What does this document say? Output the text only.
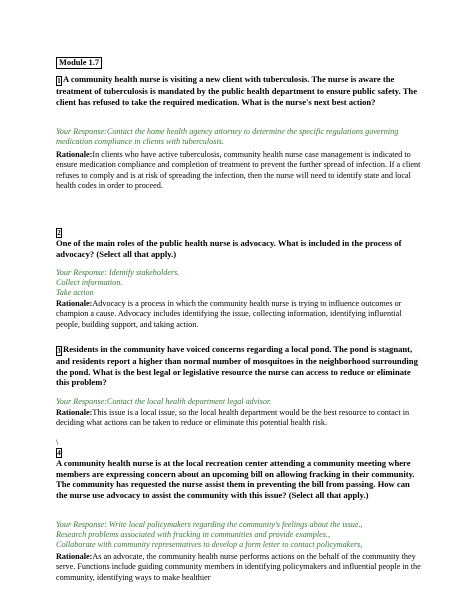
Module 1.7
1 A community health nurse is visiting a new client with tuberculosis. The nurse is aware the treatment of tuberculosis is mandated by the public health department to ensure public safety. The client has refused to take the required medication. What is the nurse's next best action?
Your Response:Contact the home health agency attorney to determine the specific regulations governing medication compliance in clients with tuberculosis.
Rationale:In clients who have active tuberculosis, community health nurse case management is indicated to ensure medication compliance and completion of treatment to prevent the further spread of infection. If a client refuses to comply and is at risk of spreading the infection, then the nurse will need to identify state and local health codes in order to proceed.
2
One of the main roles of the public health nurse is advocacy. What is included in the process of advocacy? (Select all that apply.)
Your Response: Identify stakeholders.
Collect information.
Take action
Rationale:Advocacy is a process in which the community health nurse is trying to influence outcomes or champion a cause. Advocacy includes identifying the issue, collecting information, identifying influential people, building support, and taking action.
3 Residents in the community have voiced concerns regarding a local pond. The pond is stagnant, and residents report a higher than normal number of mosquitoes in the neighborhood surrounding the pond. What is the best legal or legislative resource the nurse can access to reduce or eliminate this problem?
Your Response:Contact the local health department legal advisor.
Rationale:This issue is a local issue, so the local health department would be the best resource to contact in deciding what actions can be taken to reduce or eliminate this potential health risk.
\
4
A community health nurse is at the local recreation center attending a community meeting where members are expressing concern about an upcoming bill on allowing fracking in their community. The community has requested the nurse assist them in preventing the bill from passing. How can the nurse use advocacy to assist the community with this issue? (Select all that apply.)
Your Response: Write local policymakers regarding the community's feelings about the issue.,
Research problems associated with fracking in communities and provide examples.,
Collaborate with community representatives to develop a form letter to contact policymakers,
Rationale:As an advocate, the community health nurse performs actions on the behalf of the community they serve. Functions include guiding community members in identifying policymakers and influential people in the community, identifying ways to make healthier
